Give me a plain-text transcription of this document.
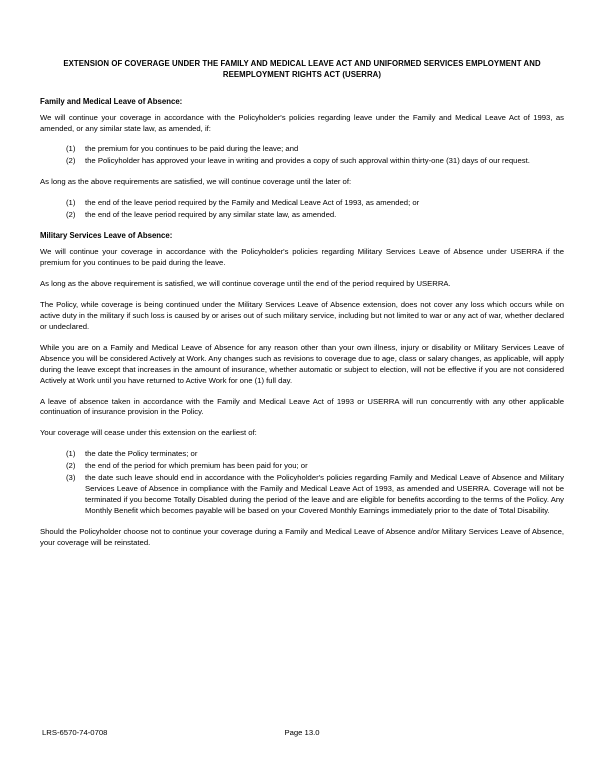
EXTENSION OF COVERAGE UNDER THE FAMILY AND MEDICAL LEAVE ACT AND UNIFORMED SERVICES EMPLOYMENT AND REEMPLOYMENT RIGHTS ACT (USERRA)
Family and Medical Leave of Absence:

We will continue your coverage in accordance with the Policyholder's policies regarding leave under the Family and Medical Leave Act of 1993, as amended, or any similar state law, as amended, if:

(1)	the premium for you continues to be paid during the leave; and
(2)	the Policyholder has approved your leave in writing and provides a copy of such approval within thirty-one (31) days of our request.

As long as the above requirements are satisfied, we will continue coverage until the later of:

(1)	the end of the leave period required by the Family and Medical Leave Act of 1993, as amended; or
(2)	the end of the leave period required by any similar state law, as amended.
Military Services Leave of Absence:

We will continue your coverage in accordance with the Policyholder's policies regarding Military Services Leave of Absence under USERRA if the premium for you continues to be paid during the leave.

As long as the above requirement is satisfied, we will continue coverage until the end of the period required by USERRA.

The Policy, while coverage is being continued under the Military Services Leave of Absence extension, does not cover any loss which occurs while on active duty in the military if such loss is caused by or arises out of such military service, including but not limited to war or any act of war, whether declared or undeclared.

While you are on a Family and Medical Leave of Absence for any reason other than your own illness, injury or disability or Military Services Leave of Absence you will be considered Actively at Work. Any changes such as revisions to coverage due to age, class or salary changes, as applicable, will apply during the leave except that increases in the amount of insurance, whether automatic or subject to election, will not be effective if you are not considered Actively at Work until you have returned to Active Work for one (1) full day.

A leave of absence taken in accordance with the Family and Medical Leave Act of 1993 or USERRA will run concurrently with any other applicable continuation of insurance provision in the Policy.

Your coverage will cease under this extension on the earliest of:

(1)	the date the Policy terminates; or
(2)	the end of the period for which premium has been paid for you; or
(3)	the date such leave should end in accordance with the Policyholder's policies regarding Family and Medical Leave of Absence and Military Services Leave of Absence in compliance with the Family and Medical Leave Act of 1993, as amended and USERRA. Coverage will not be terminated if you become Totally Disabled during the period of the leave and are eligible for benefits according to the terms of the Policy. Any Monthly Benefit which becomes payable will be based on your Covered Monthly Earnings immediately prior to the date of Total Disability.

Should the Policyholder choose not to continue your coverage during a Family and Medical Leave of Absence and/or Military Services Leave of Absence, your coverage will be reinstated.

LRS-6570-74-0708	Page 13.0
